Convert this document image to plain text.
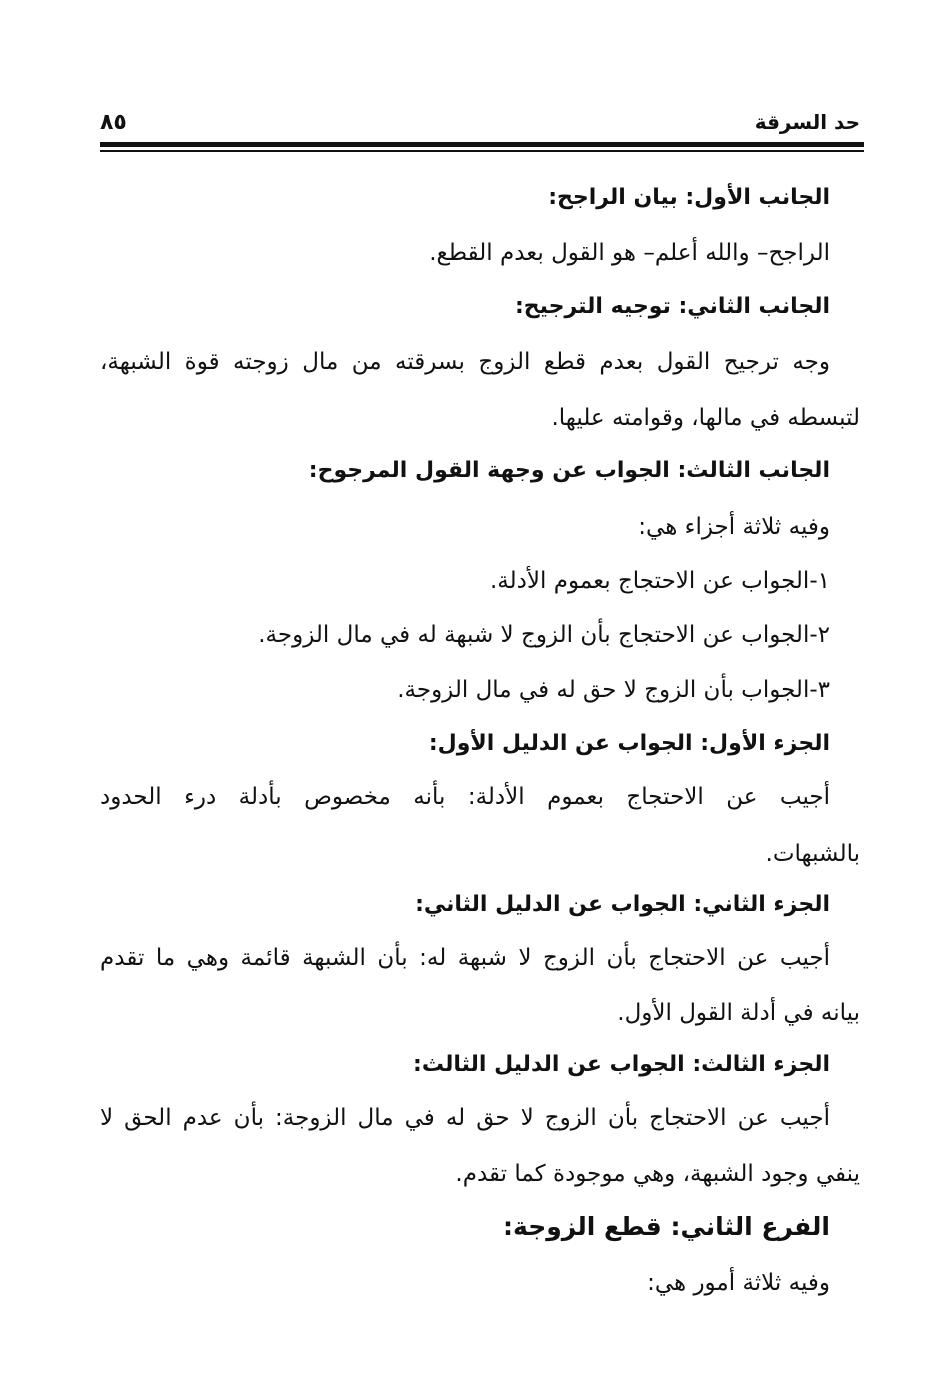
٨٥	حد السرقة
الجانب الأول: بيان الراجح:
الراجح– والله أعلم– هو القول بعدم القطع.
الجانب الثاني: توجيه الترجيح:
وجه ترجيح القول بعدم قطع الزوج بسرقته من مال زوجته قوة الشبهة،
لتبسطه في مالها، وقوامته عليها.
الجانب الثالث: الجواب عن وجهة القول المرجوح:
وفيه ثلاثة أجزاء هي:
١-الجواب عن الاحتجاج بعموم الأدلة.
٢-الجواب عن الاحتجاج بأن الزوج لا شبهة له في مال الزوجة.
٣-الجواب بأن الزوج لا حق له في مال الزوجة.
الجزء الأول: الجواب عن الدليل الأول:
أجيب عن الاحتجاج بعموم الأدلة: بأنه مخصوص بأدلة درء الحدود
بالشبهات.
الجزء الثاني: الجواب عن الدليل الثاني:
أجيب عن الاحتجاج بأن الزوج لا شبهة له: بأن الشبهة قائمة وهي ما تقدم
بيانه في أدلة القول الأول.
الجزء الثالث: الجواب عن الدليل الثالث:
أجيب عن الاحتجاج بأن الزوج لا حق له في مال الزوجة: بأن عدم الحق لا
ينفي وجود الشبهة، وهي موجودة كما تقدم.
الفرع الثاني: قطع الزوجة:
وفيه ثلاثة أمور هي:
